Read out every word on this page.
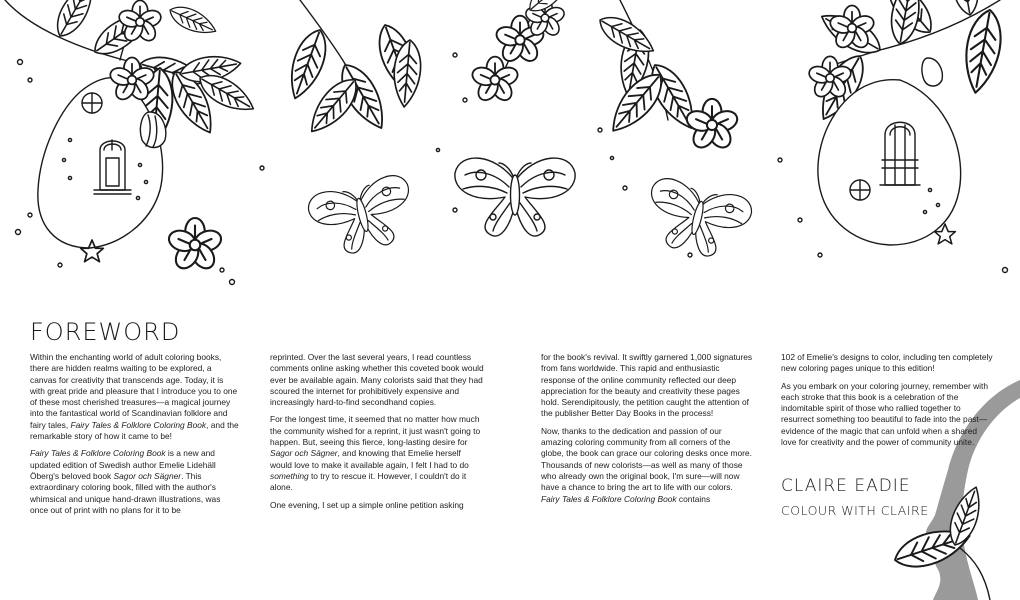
FOREWORD

Within the enchanting world of adult coloring books, there are hidden realms waiting to be explored, a canvas for creativity that transcends age. Today, it is with great pride and pleasure that I introduce you to one of these most cherished treasures—a magical journey into the fantastical world of Scandinavian folklore and fairy tales, Fairy Tales & Folklore Coloring Book, and the remarkable story of how it came to be!

Fairy Tales & Folklore Coloring Book is a new and updated edition of Swedish author Emelie Lidehäll Öberg's beloved book Sagor och Sägner. This extraordinary coloring book, filled with the author's whimsical and unique hand-drawn illustrations, was once out of print with no plans for it to be

reprinted. Over the last several years, I read countless comments online asking whether this coveted book would ever be available again. Many colorists said that they had scoured the internet for prohibitively expensive and increasingly hard-to-find secondhand copies.

For the longest time, it seemed that no matter how much the community wished for a reprint, it just wasn't going to happen. But, seeing this fierce, long-lasting desire for Sagor och Sägner, and knowing that Emelie herself would love to make it available again, I felt I had to do something to try to rescue it. However, I couldn't do it alone.

One evening, I set up a simple online petition asking

for the book's revival. It swiftly garnered 1,000 signatures from fans worldwide. This rapid and enthusiastic response of the online community reflected our deep appreciation for the beauty and creativity these pages hold. Serendipitously, the petition caught the attention of the publisher Better Day Books in the process!

Now, thanks to the dedication and passion of our amazing coloring community from all corners of the globe, the book can grace our coloring desks once more. Thousands of new colorists—as well as many of those who already own the original book, I'm sure—will now have a chance to bring the art to life with our colors. Fairy Tales & Folklore Coloring Book contains

102 of Emelie's designs to color, including ten completely new coloring pages unique to this edition!

As you embark on your coloring journey, remember with each stroke that this book is a celebration of the indomitable spirit of those who rallied together to resurrect something too beautiful to fade into the past—evidence of the magic that can unfold when a shared love for creativity and the power of community unite.

CLAIRE EADIE
COLOUR WITH CLAIRE
